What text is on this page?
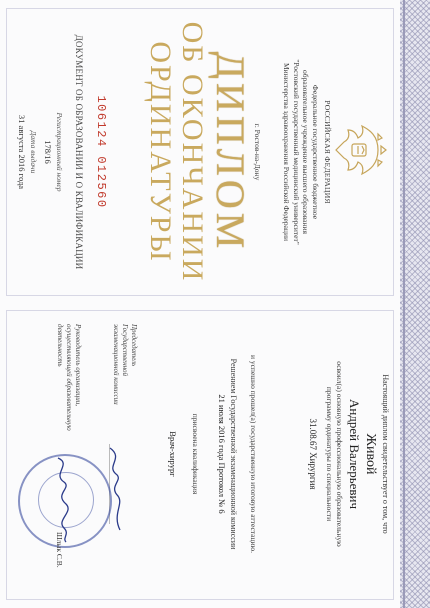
РОССИЙСКАЯ ФЕДЕРАЦИЯ
Федеральное государственное бюджетное
образовательное учреждение высшего образования
"Ростовский государственный медицинский университет"
Министерства здравоохранения Российской Федерации
г. Ростов-на-Дону
ДИПЛОМ
ОБ ОКОНЧАНИИ
ОРДИНАТУРЫ
106124 012560
ДОКУМЕНТ ОБ ОБРАЗОВАНИИ И О КВАЛИФИКАЦИИ
Регистрационный номер
178/16
Дата выдачи
31 августа 2016 года
Настоящий диплом свидетельствует о том, что
Живой
Андрей Валерьевич
освоил(а) основную профессиональную образовательную
программу ординатуры по специальности
31.08.67 Хирургия
и успешно прошел(а) государственную итоговую аттестацию.
Решением Государственной экзаменационной комиссии
21 июля 2016 года Протокол № 6
присвоена квалификация
Врач-хирург
Председатель
Государственной
экзаменационной комиссии
Руководитель организации,
осуществляющей образовательную
деятельность
Шлык С.В.
